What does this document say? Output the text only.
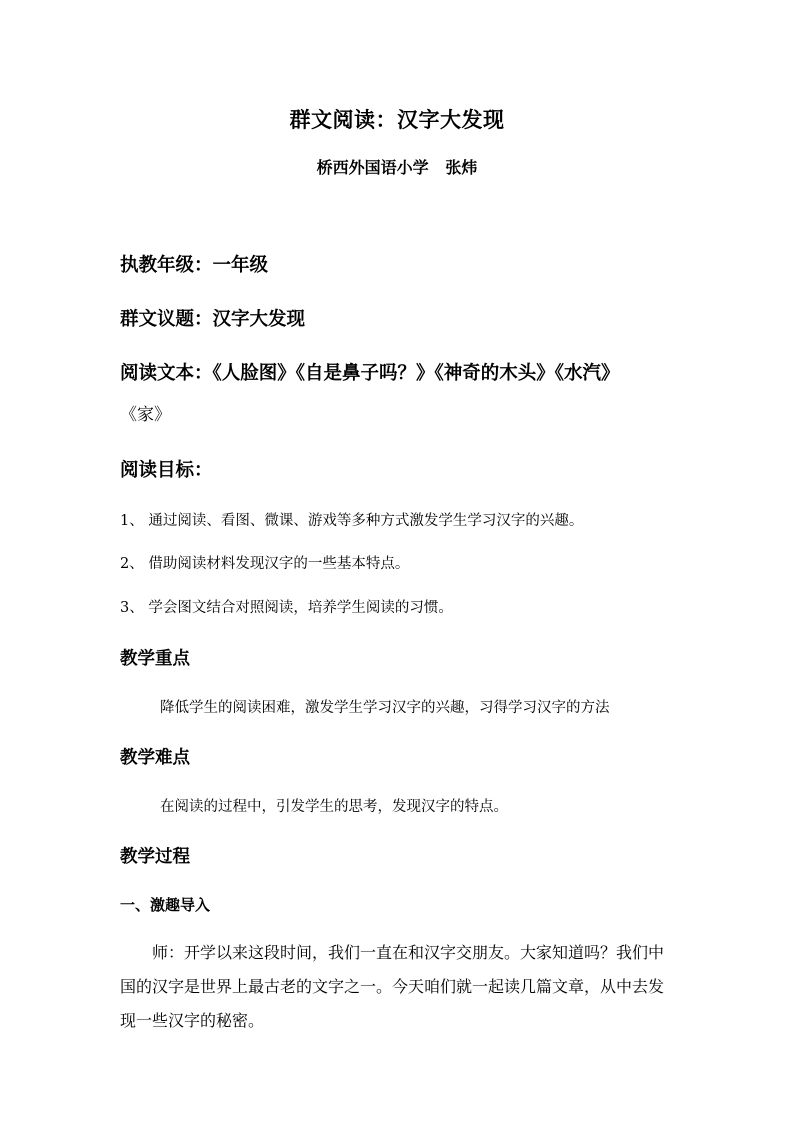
群文阅读：汉字大发现
桥西外国语小学   张炜
执教年级：一年级
群文议题：汉字大发现
阅读文本：《人脸图》《自是鼻子吗？》《神奇的木头》《水汽》
《家》
阅读目标：
1、 通过阅读、看图、微课、游戏等多种方式激发学生学习汉字的兴趣。
2、 借助阅读材料发现汉字的一些基本特点。
3、 学会图文结合对照阅读，培养学生阅读的习惯。
教学重点
降低学生的阅读困难，激发学生学习汉字的兴趣，习得学习汉字的方法
教学难点
在阅读的过程中，引发学生的思考，发现汉字的特点。
教学过程
一、激趣导入
师：开学以来这段时间，我们一直在和汉字交朋友。大家知道吗？我们中国的汉字是世界上最古老的文字之一。今天咱们就一起读几篇文章，从中去发现一些汉字的秘密。
